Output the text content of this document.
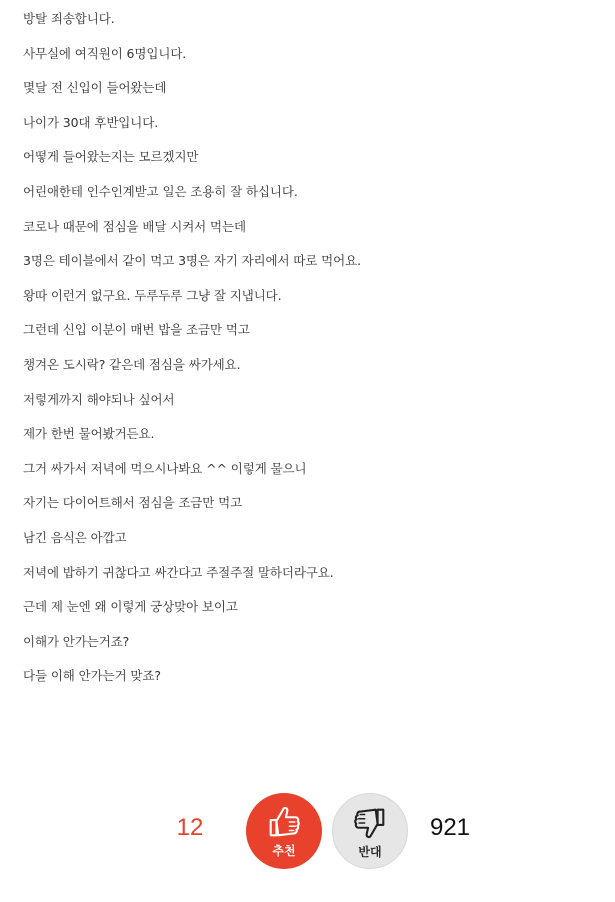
방탈 죄송합니다.
사무실에 여직원이 6명입니다.
몇달 전 신입이 들어왔는데
나이가 30대 후반입니다.
어떻게 들어왔는지는 모르겠지만
어린애한테 인수인계받고 일은 조용히 잘 하십니다.
코로나 때문에 점심을 배달 시켜서 먹는데
3명은 테이블에서 같이 먹고 3명은 자기 자리에서 따로 먹어요.
왕따 이런거 없구요. 두루두루 그냥 잘 지냅니다.
그런데 신입 이분이 매번 밥을 조금만 먹고
챙겨온 도시락? 같은데 점심을 싸가세요.
저렇게까지 해야되나 싶어서
제가 한번 물어봤거든요.
그거 싸가서 저녁에 먹으시나봐요 ^^ 이렇게 물으니
자기는 다이어트해서 점심을 조금만 먹고
남긴 음식은 아깝고
저녁에 밥하기 귀찮다고 싸간다고 주절주절 말하더라구요.
근데 제 눈엔 왜 이렇게 궁상맞아 보이고
이해가 안가는거죠?
다들 이해 안가는거 맞죠?
12
추천	반대
921
